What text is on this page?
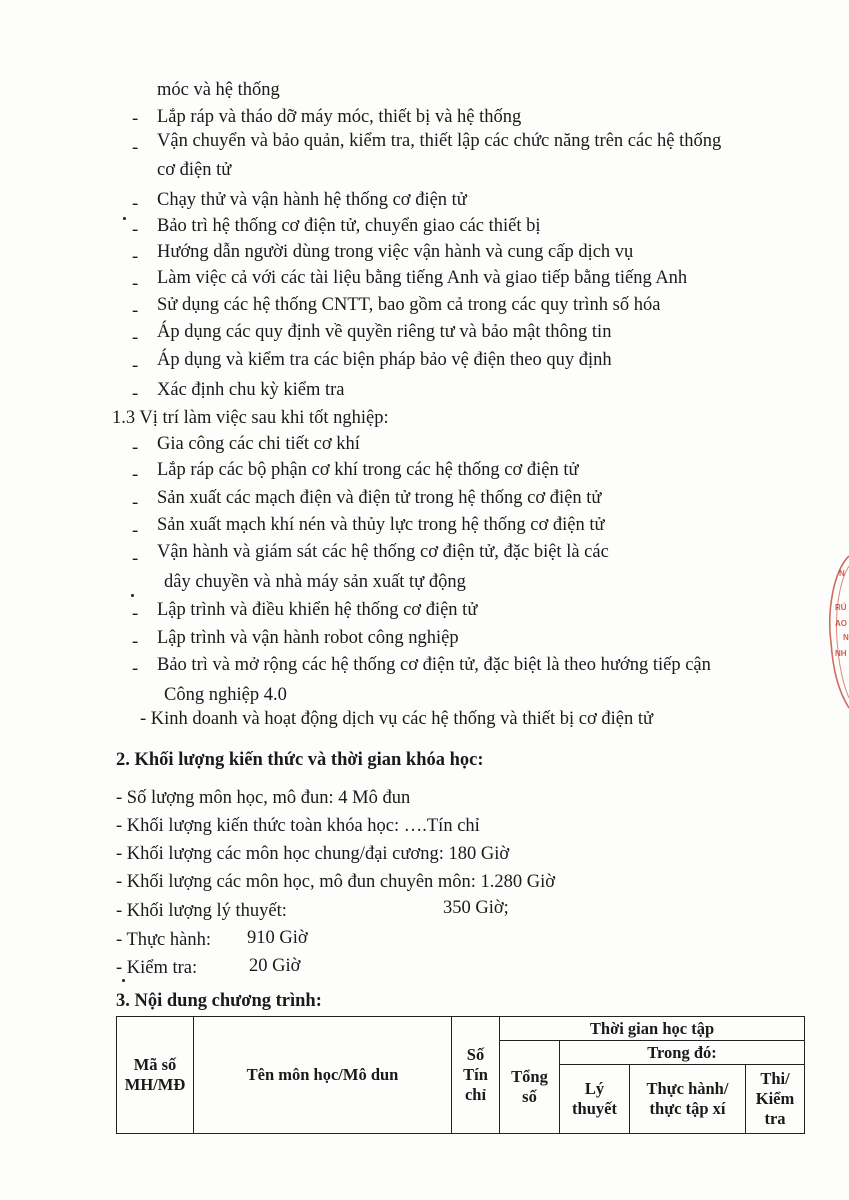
móc và hệ thống
- Lắp ráp và tháo dỡ máy móc, thiết bị và hệ thống
- Vận chuyển và bảo quản, kiểm tra, thiết lập các chức năng trên các hệ thống
cơ điện tử
- Chạy thử và vận hành hệ thống cơ điện tử
- Bảo trì hệ thống cơ điện tử, chuyển giao các thiết bị
- Hướng dẫn người dùng trong việc vận hành và cung cấp dịch vụ
- Làm việc cả với các tài liệu bằng tiếng Anh và giao tiếp bằng tiếng Anh
- Sử dụng các hệ thống CNTT, bao gồm cả trong các quy trình số hóa
- Áp dụng các quy định về quyền riêng tư và bảo mật thông tin
- Áp dụng và kiểm tra các biện pháp bảo vệ điện theo quy định
- Xác định chu kỳ kiểm tra
1.3 Vị trí làm việc sau khi tốt nghiệp:
- Gia công các chi tiết cơ khí
- Lắp ráp các bộ phận cơ khí trong các hệ thống cơ điện tử
- Sản xuất các mạch điện và điện tử trong hệ thống cơ điện tử
- Sản xuất mạch khí nén và thủy lực trong hệ thống cơ điện tử
- Vận hành và giám sát các hệ thống cơ điện tử, đặc biệt là các
dây chuyền và nhà máy sản xuất tự động
- Lập trình và điều khiển hệ thống cơ điện tử
- Lập trình và vận hành robot công nghiệp
- Bảo trì và mở rộng các hệ thống cơ điện tử, đặc biệt là theo hướng tiếp cận
Công nghiệp 4.0
- Kinh doanh và hoạt động dịch vụ các hệ thống và thiết bị cơ điện tử
2. Khối lượng kiến thức và thời gian khóa học:
- Số lượng môn học, mô đun: 4 Mô đun
- Khối lượng kiến thức toàn khóa học: ….Tín chỉ
- Khối lượng các môn học chung/đại cương: 180 Giờ
- Khối lượng các môn học, mô đun chuyên môn: 1.280 Giờ
- Khối lượng lý thuyết:	350 Giờ;
- Thực hành: 910 Giờ
- Kiểm tra:	20 Giờ
3. Nội dung chương trình:
Mã số MH/MĐ	Tên môn học/Mô dun	Số Tín chỉ	Thời gian học tập			
			Tổng số	Trong đó:		
				Lý thuyết	Thực hành/ thực tập xí	Thi/ Kiểm tra
N
RÚ
AO
N
NH
